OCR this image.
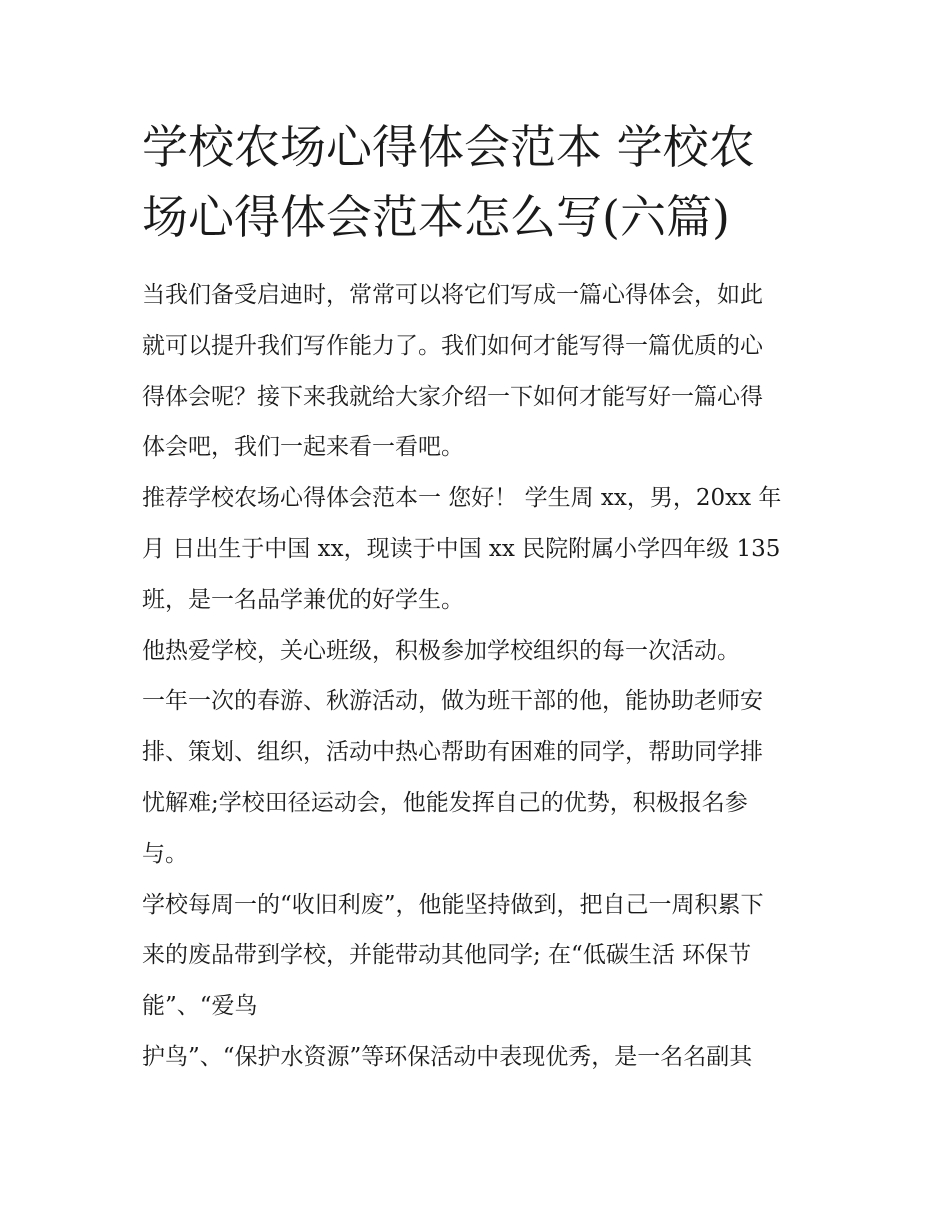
学校农场心得体会范本 学校农
场心得体会范本怎么写(六篇)
当我们备受启迪时，常常可以将它们写成一篇心得体会，如此
就可以提升我们写作能力了。我们如何才能写得一篇优质的心
得体会呢？接下来我就给大家介绍一下如何才能写好一篇心得
体会吧，我们一起来看一看吧。
推荐学校农场心得体会范本一 您好！ 学生周 xx，男，20xx 年
月 日出生于中国 xx，现读于中国 xx 民院附属小学四年级 135
班，是一名品学兼优的好学生。
他热爱学校，关心班级，积极参加学校组织的每一次活动。
一年一次的春游、秋游活动，做为班干部的他，能协助老师安
排、策划、组织，活动中热心帮助有困难的同学，帮助同学排
忧解难;学校田径运动会，他能发挥自己的优势，积极报名参
与。
学校每周一的“收旧利废”，他能坚持做到，把自己一周积累下
来的废品带到学校，并能带动其他同学; 在“低碳生活 环保节
能”、“爱鸟
护鸟”、“保护水资源”等环保活动中表现优秀，是一名名副其
